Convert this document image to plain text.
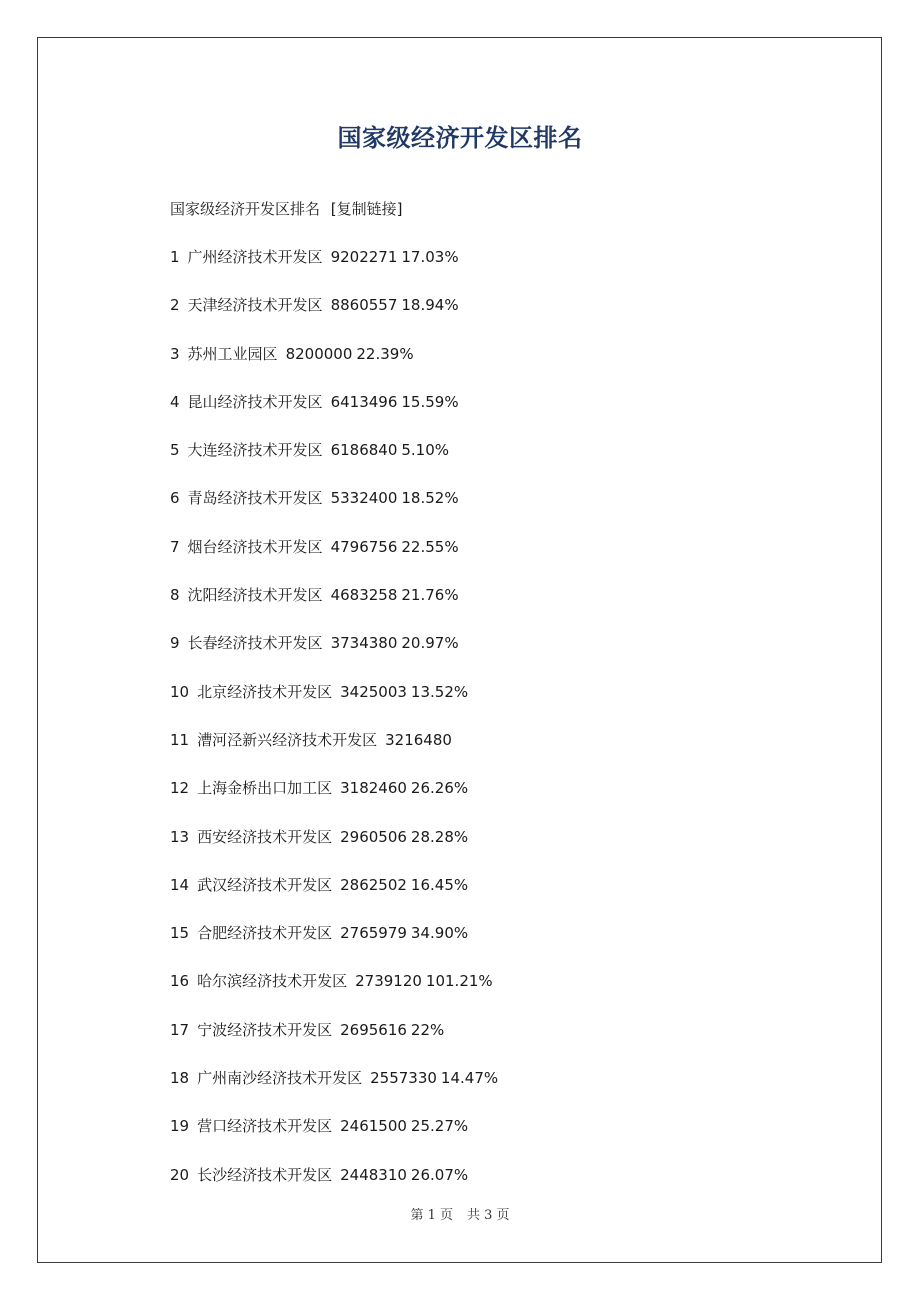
国家级经济开发区排名
国家级经济开发区排名 [复制链接]
1 广州经济技术开发区 9202271 17.03%
2 天津经济技术开发区 8860557 18.94%
3 苏州工业园区 8200000 22.39%
4 昆山经济技术开发区 6413496 15.59%
5 大连经济技术开发区 6186840 5.10%
6 青岛经济技术开发区 5332400 18.52%
7 烟台经济技术开发区 4796756 22.55%
8 沈阳经济技术开发区 4683258 21.76%
9 长春经济技术开发区 3734380 20.97%
10 北京经济技术开发区 3425003 13.52%
11 漕河泾新兴经济技术开发区 3216480
12 上海金桥出口加工区 3182460 26.26%
13 西安经济技术开发区 2960506 28.28%
14 武汉经济技术开发区 2862502 16.45%
15 合肥经济技术开发区 2765979 34.90%
16 哈尔滨经济技术开发区 2739120 101.21%
17 宁波经济技术开发区 2695616 22%
18 广州南沙经济技术开发区 2557330 14.47%
19 营口经济技术开发区 2461500 25.27%
20 长沙经济技术开发区 2448310 26.07%
第 1 页 共 3 页
